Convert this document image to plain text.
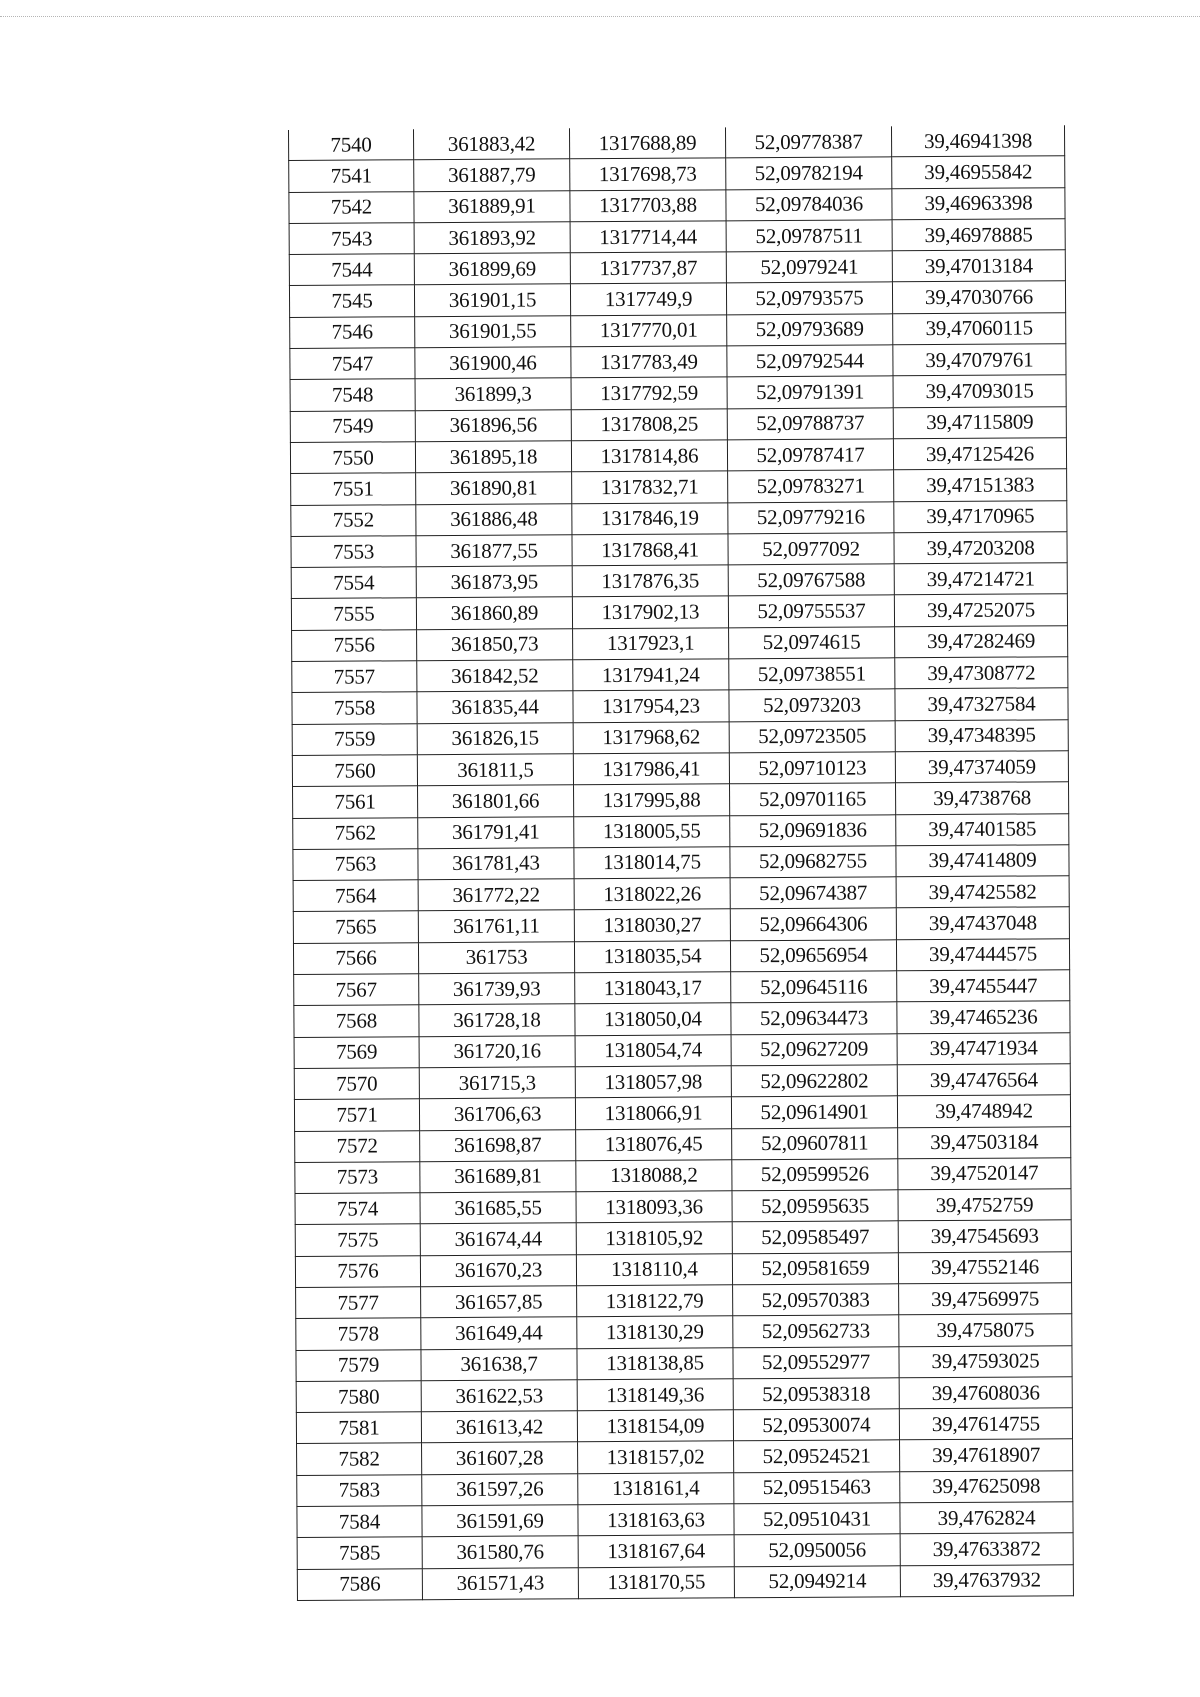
7540	361883,42	1317688,89	52,09778387	39,46941398
7541	361887,79	1317698,73	52,09782194	39,46955842
7542	361889,91	1317703,88	52,09784036	39,46963398
7543	361893,92	1317714,44	52,09787511	39,46978885
7544	361899,69	1317737,87	52,0979241	39,47013184
7545	361901,15	1317749,9	52,09793575	39,47030766
7546	361901,55	1317770,01	52,09793689	39,47060115
7547	361900,46	1317783,49	52,09792544	39,47079761
7548	361899,3	1317792,59	52,09791391	39,47093015
7549	361896,56	1317808,25	52,09788737	39,47115809
7550	361895,18	1317814,86	52,09787417	39,47125426
7551	361890,81	1317832,71	52,09783271	39,47151383
7552	361886,48	1317846,19	52,09779216	39,47170965
7553	361877,55	1317868,41	52,0977092	39,47203208
7554	361873,95	1317876,35	52,09767588	39,47214721
7555	361860,89	1317902,13	52,09755537	39,47252075
7556	361850,73	1317923,1	52,0974615	39,47282469
7557	361842,52	1317941,24	52,09738551	39,47308772
7558	361835,44	1317954,23	52,0973203	39,47327584
7559	361826,15	1317968,62	52,09723505	39,47348395
7560	361811,5	1317986,41	52,09710123	39,47374059
7561	361801,66	1317995,88	52,09701165	39,4738768
7562	361791,41	1318005,55	52,09691836	39,47401585
7563	361781,43	1318014,75	52,09682755	39,47414809
7564	361772,22	1318022,26	52,09674387	39,47425582
7565	361761,11	1318030,27	52,09664306	39,47437048
7566	361753	1318035,54	52,09656954	39,47444575
7567	361739,93	1318043,17	52,09645116	39,47455447
7568	361728,18	1318050,04	52,09634473	39,47465236
7569	361720,16	1318054,74	52,09627209	39,47471934
7570	361715,3	1318057,98	52,09622802	39,47476564
7571	361706,63	1318066,91	52,09614901	39,4748942
7572	361698,87	1318076,45	52,09607811	39,47503184
7573	361689,81	1318088,2	52,09599526	39,47520147
7574	361685,55	1318093,36	52,09595635	39,4752759
7575	361674,44	1318105,92	52,09585497	39,47545693
7576	361670,23	1318110,4	52,09581659	39,47552146
7577	361657,85	1318122,79	52,09570383	39,47569975
7578	361649,44	1318130,29	52,09562733	39,4758075
7579	361638,7	1318138,85	52,09552977	39,47593025
7580	361622,53	1318149,36	52,09538318	39,47608036
7581	361613,42	1318154,09	52,09530074	39,47614755
7582	361607,28	1318157,02	52,09524521	39,47618907
7583	361597,26	1318161,4	52,09515463	39,47625098
7584	361591,69	1318163,63	52,09510431	39,4762824
7585	361580,76	1318167,64	52,0950056	39,47633872
7586	361571,43	1318170,55	52,0949214	39,47637932
